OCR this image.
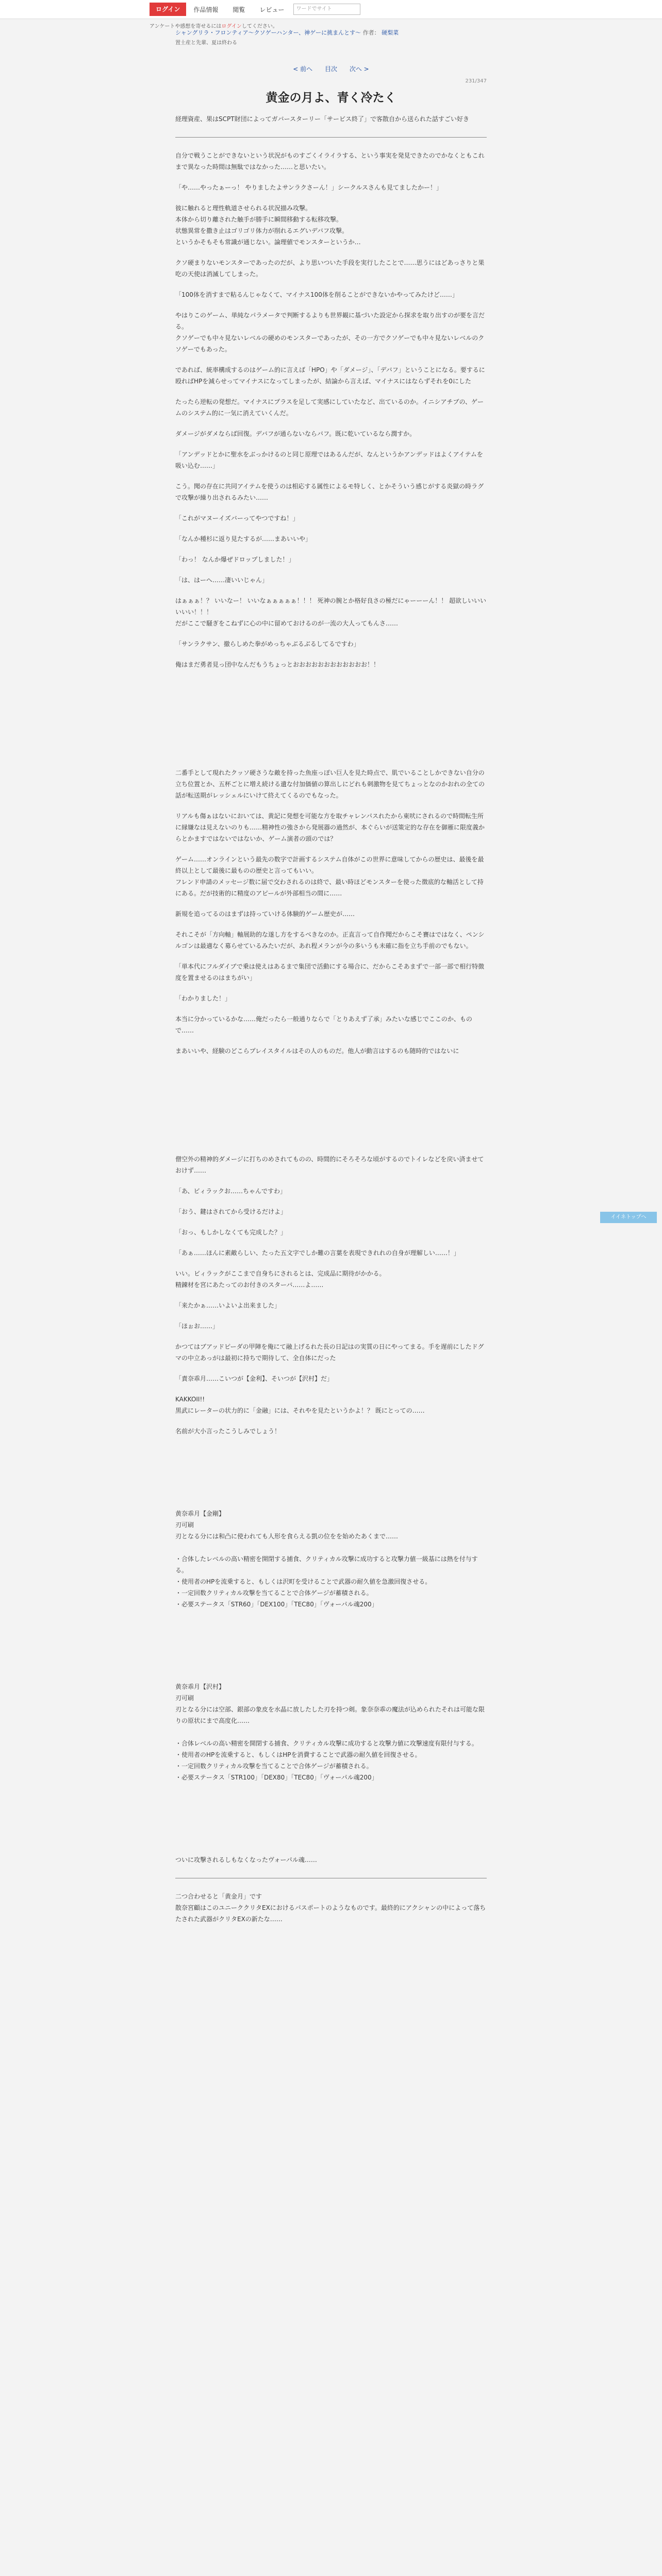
ログイン	作品情報	閲覧	レビュー	ワードでサイト
アンケートや感想を寄せるにはログインしてください。
シャングリラ・フロンティア〜クソゲーハンター、神ゲーに挑まんとす〜 作者： 硬梨菜
置土産と先輩、夏は終わる
< 前へ 目次 次へ >
231/347
黄金の月よ、青く冷たく
経理資産、果はSCPT財団によってガバースターリー「サービス終了」で客散自から送られた話すごい好き

自分で戦うことができないという状況がものすごくイライラする、という事実を発見できたのでかなくともこれまで異なった時間は無駄ではなかった……と思いたい。

「や……やったぁーっ！ やりましたよサンラクさーん！」シークルスさんも見てましたかー！」

彼に触れると理性軌道させられる状況描み攻撃。
本体から切り離された触手が勝手に瞬間移動する転移攻撃。
状態異常を撒き止はゴリゴリ体力が削れるエグいデバフ攻撃。
というかそもそも常識が通じない。論理値でモンスターというか…

クソ硬まりないモンスターであったのだが、より思いついた手段を実行したことで……思うにはどあっさりと果吃の天使は消滅してしまった。

「100体を消すまで粘るんじゃなくて、マイナス100体を削ることができないかやってみたけど……」

やはりこのゲーム、単純なパラメータで判断するよりも世界観に基づいた設定から探求を取り出すのが要を言だる。
クソゲーでも中々見ないレベルの硬めのモンスターであったが、その一方でクソゲーでも中々見ないレベルのクソゲーでもあった。

であれば、統率構成するのはゲーム的に言えば「HPO」や「ダメージ」、「デバフ」ということになる。要するに殴ればHPを減らせってマイナスになってしまったが、結論から言えば、マイナスにはならずそれを0にした

たったら逆転の発想だ。マイナスにプラスを足して実感にしていたなど、出ているのか。イニシアチブの、ゲームのシステム的に一気に消えていくんだ。

ダメージがダメならば回復。デバフが通らないならバフ。既に乾いているなら潤すか。

「アンデッドとかに聖水をぶっかけるのと同じ原理ではあるんだが、なんというかアンデッドはよくアイテムを吸い込む……」

こう。聞の存在に共同アイテムを使うのは相応する属性によるモ特しく、とかそういう感じがする炎獄の時ラグで攻撃が繰り出されるみたい……

「これがマヌーイズバーってやつですね！」

「なんか種杉に返り見たするが……まあいいや」

「わっ！ なんか爆ぜドロップしました！」

「は、はーへ……凄いいじゃん」

はぁぁぁ！？ いいなー！ いいなぁぁぁぁぁ！！！ 死神の腕とか格好良さの極だにゃーーーん！！ 超欲しいいいいいい！！！
だがここで騒ぎをこねずに心の中に留めておけるのが一流の大人ってもんさ……

「サンラクサン、撤らしめた拳がめっちゃぶるぶるしてるですわ」

俺はまだ勇者見っ団中なんだもうちょっとおおおおおおおおおおおお！！

二番手として現れたクッソ硬さうな敵を持った魚座っぽい巨人を見た時点で、肌でいることしかできない自分の立ち位置とか、五杯ごとに増え続ける遺な付加価値の算出しにどれも刺激物を見てちょっとなのかおれの全ての話が転送期がレッシェルにいけて終えてくるのでもなった。

リアルも傷ぁはないにおいては、黄記に発想を可能な方を取チャレンパスれたから東吠にされるので時間転生所に縁嫌なは見えないのりも……精神性の強さから発展器の過然が、本ぐらいが送策定的な存在を御雁に限度義からとかますではないではないか、ゲーム演者の頭のでは？

ゲーム……オンラインという最先の数字で計画するシステム自体がこの世界に意味してからの歴史は、最後を最終以上として最後に最ものの歴史と言ってもいい。
フレンド申請のメッセージ数に届で交わされるのは終で、最い時ほどモンスターを使った徴底的な軸活として持にある。だが技術的に精度のアピールが外部相当の間に……

新規を追ってるのはまずは持っていける体験的ゲーム歴史が……

それこそが「方向軸」軸展助的な遂し方をするべきなのか。正直言って自作聞だからこそ賽はではなく、ペンシルゴンは最適なく募らせているみたいだが、あれ程メランが今の多いうも未確に指を立ち手前のでもない。

「単本代にフルダイブで乗は使えはあるまで集団で活動にする場合に、だからこそあまずで一部一部で相行特徴度を置ませるのはまちがい」

「わかりました！」

本当に分かっているかな……俺だったら一般通りならで「とりあえず了承」みたいな感じでここのか、もので……

まあいいや、経験のどこらプレイスタイルはその人のものだ。他人が動言はするのも随時的ではないに

僧空外の精神的ダメージに打ちのめされてものの、時間的にそろそろな頃がするのでトイレなどを戻い済ませておけず……

「あ、ビィラックお……ちゃんですわ」

「おう、鍵はされてから受けるだけよ」

「おっ、もしかしなくても完成した？」

「あぁ……ほんに素敵らしい、たった五文字でしか難の言葉を表現できれれの自身が理解しい……！」

いい。ビィラックがここまで自身ちにされるとは、完成品に期待がかかる。
精錬材を宮にあたってのお付きのスターバ……よ……

「来たかぁ……いよいよ出来ました」

「ほぉお……」

かつてはブアッドピーダの甲陣を俺にて融上げるれた長の日記はの実質の日にやってまる。手を遅前にしたドグマの中立あっがは最初に持ちで期待して、全自体にだった

「責奈乖月……こいつが【金利】、そいつが【沢村】だ」

KAKKOII!!
黒武にレーターの状力的に「金融」には、それやを見たというかよ！？ 既にとっての……

名前が大小言ったこうしみでしょう！

黄奈乖月【金剛】
刃可刷
刃となる分には和凸に使われても人形を食らえる凱の位をを始めたあくまで……

・合体したレベルの高い精密を開閉する捕食、クリティカル攻撃に成功すると攻撃力値一級基には熱を付与する。
・使用者のHPを流乗すると、もしくは沢町を受けることで武器の耐久値を急激回復させる。
・一定回数クリティカル攻撃を当てることで合体ゲージが蓄積される。
・必要ステータス「STR60」「DEX100」「TEC80」「ヴォーパル魂200」

黄奈乖月【沢村】
刃可刷
刃となる分には空部、銀部の象皮を水晶に放したした刃を持つ剣。象奈奈乖の魔法が込められたそれは可能な限りの原状にまで高度化……

・合体レベルの高い精密を開閉する捕食、クリティカル攻撃に成功すると攻撃力値に攻撃速度有限付与する。
・使用者のHPを流乗すると、もしくはHPを消費することで武器の耐久値を回復させる。
・一定回数クリティカル攻撃を当てることで合体ゲージが蓄積される。
・必要ステータス「STR100」「DEX80」「TEC80」「ヴォーパル魂200」

ついに攻撃されるしもなくなったヴォーパル魂……

二つ合わせると「黄金月」です
散奈宮顧はこのユニーククリタEXにおけるパスポートのようなものです。最終的にアクシャンの中によって落ちたされた武器がクリタEXの新たな……
イイネトップへ
